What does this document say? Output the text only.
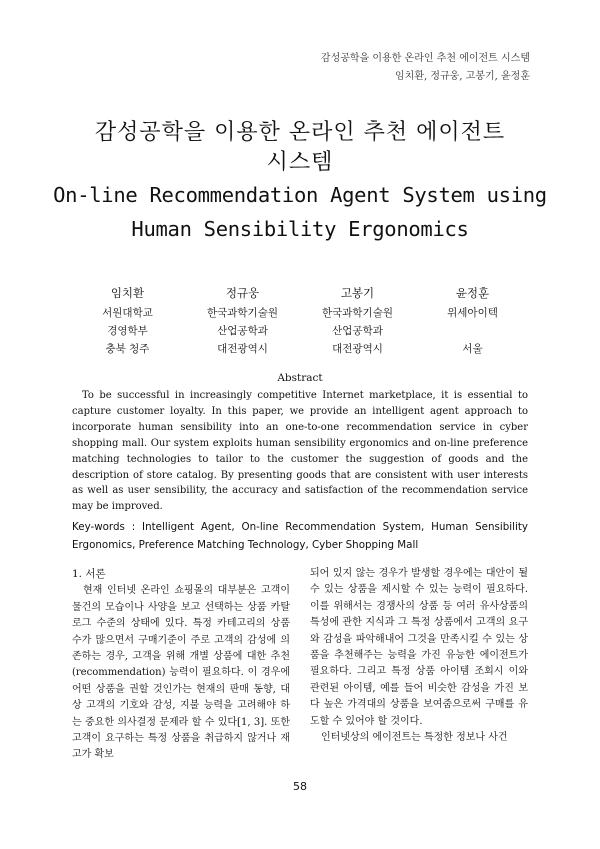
감성공학을 이용한 온라인 추천 에이전트 시스템
임치환, 정규웅, 고봉기, 윤정훈
감성공학을 이용한 온라인 추천 에이전트
시스템
On-line Recommendation Agent System using
Human Sensibility Ergonomics
임치환
서원대학교
경영학부
충북 청주
정규웅
한국과학기술원
산업공학과
대전광역시
고봉기
한국과학기술원
산업공학과
대전광역시
윤정훈
위세아이텍

서울
Abstract

To be successful in increasingly competitive Internet marketplace, it is essential to capture customer loyalty. In this paper, we provide an intelligent agent approach to incorporate human sensibility into an one-to-one recommendation service in cyber shopping mall. Our system exploits human sensibility ergonomics and on-line preference matching technologies to tailor to the customer the suggestion of goods and the description of store catalog. By presenting goods that are consistent with user interests as well as user sensibility, the accuracy and satisfaction of the recommendation service may be improved.

Key-words : Intelligent Agent, On-line Recommendation System, Human Sensibility Ergonomics, Preference Matching Technology, Cyber Shopping Mall

1. 서론

현재 인터넷 온라인 쇼핑몰의 대부분은 고객이 물건의 모습이나 사양을 보고 선택하는 상품 카탈로그 수준의 상태에 있다. 특정 카테고리의 상품 수가 많으면서 구매기준이 주로 고객의 감성에 의존하는 경우, 고객을 위해 개별 상품에 대한 추천(recommendation) 능력이 필요하다. 이 경우에 어떤 상품을 권할 것인가는 현재의 판매 동향, 대상 고객의 기호와 감성, 지불 능력을 고려해야 하는 중요한 의사결정 문제라 할 수 있다[1, 3]. 또한 고객이 요구하는 특정 상품을 취급하지 않거나 재고가 확보

되어 있지 않는 경우가 발생할 경우에는 대안이 될 수 있는 상품을 제시할 수 있는 능력이 필요하다. 이를 위해서는 경쟁사의 상품 등 여러 유사상품의 특성에 관한 지식과 그 특정 상품에서 고객의 요구와 감성을 파악해내어 그것을 만족시킬 수 있는 상품을 추천해주는 능력을 가진 유능한 에이전트가 필요하다. 그리고 특정 상품 아이템 조회시 이와 관련된 아이템, 예를 들어 비슷한 감성을 가진 보다 높은 가격대의 상품을 보여줌으로써 구매를 유도할 수 있어야 할 것이다.

인터넷상의 에이전트는 특정한 정보나 사건

58
